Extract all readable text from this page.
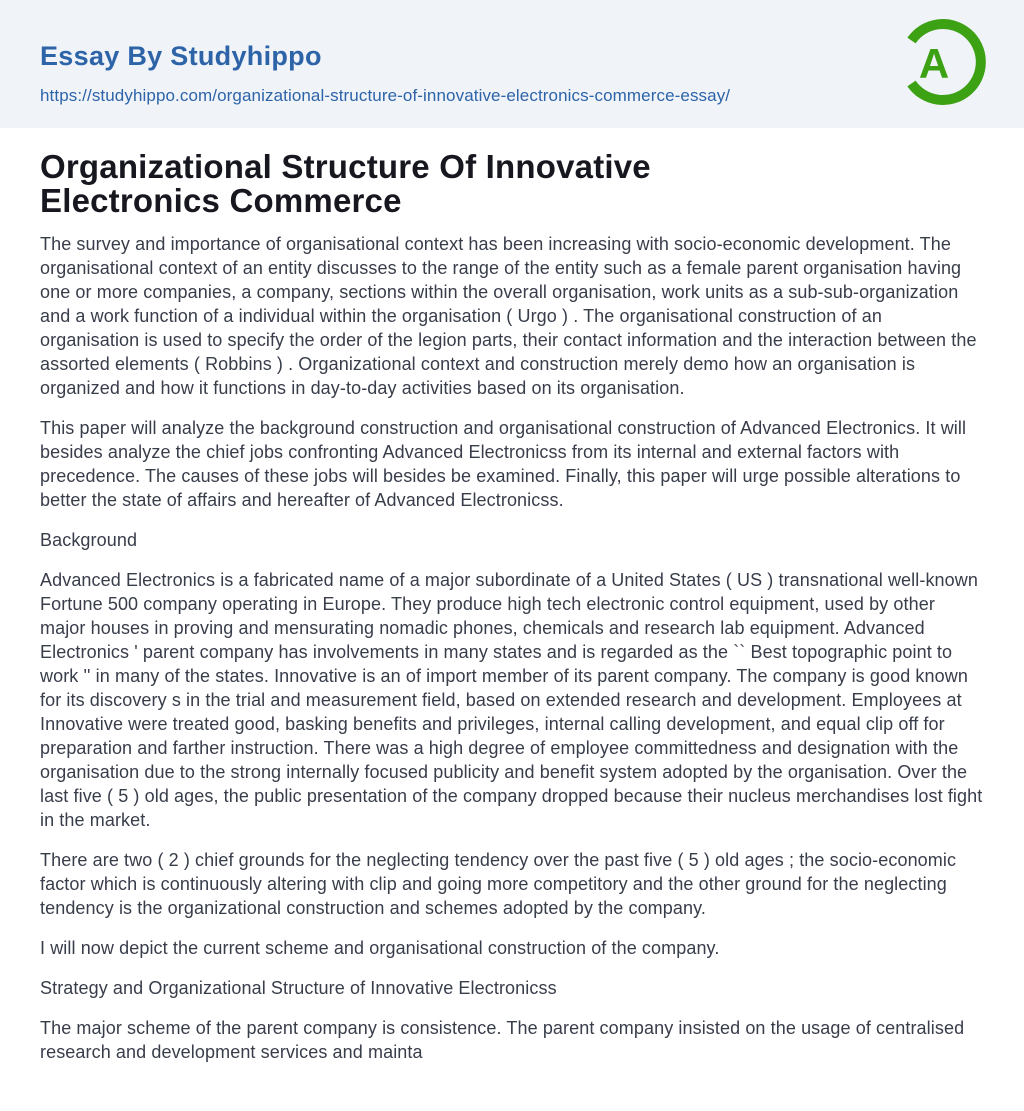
Essay By Studyhippo
https://studyhippo.com/organizational-structure-of-innovative-electronics-commerce-essay/
A
Organizational Structure Of Innovative Electronics Commerce

The survey and importance of organisational context has been increasing with socio-economic development. The organisational context of an entity discusses to the range of the entity such as a female parent organisation having one or more companies, a company, sections within the overall organisation, work units as a sub-sub-organization and a work function of a individual within the organisation ( Urgo ) . The organisational construction of an organisation is used to specify the order of the legion parts, their contact information and the interaction between the assorted elements ( Robbins ) . Organizational context and construction merely demo how an organisation is organized and how it functions in day-to-day activities based on its organisation.

This paper will analyze the background construction and organisational construction of Advanced Electronics. It will besides analyze the chief jobs confronting Advanced Electronicss from its internal and external factors with precedence. The causes of these jobs will besides be examined. Finally, this paper will urge possible alterations to better the state of affairs and hereafter of Advanced Electronicss.

Background

Advanced Electronics is a fabricated name of a major subordinate of a United States ( US ) transnational well-known Fortune 500 company operating in Europe. They produce high tech electronic control equipment, used by other major houses in proving and mensurating nomadic phones, chemicals and research lab equipment. Advanced Electronics ' parent company has involvements in many states and is regarded as the `` Best topographic point to work '' in many of the states. Innovative is an of import member of its parent company. The company is good known for its discovery s in the trial and measurement field, based on extended research and development. Employees at Innovative were treated good, basking benefits and privileges, internal calling development, and equal clip off for preparation and farther instruction. There was a high degree of employee committedness and designation with the organisation due to the strong internally focused publicity and benefit system adopted by the organisation. Over the last five ( 5 ) old ages, the public presentation of the company dropped because their nucleus merchandises lost fight in the market.

There are two ( 2 ) chief grounds for the neglecting tendency over the past five ( 5 ) old ages ; the socio-economic factor which is continuously altering with clip and going more competitory and the other ground for the neglecting tendency is the organizational construction and schemes adopted by the company.

I will now depict the current scheme and organisational construction of the company.

Strategy and Organizational Structure of Innovative Electronicss

The major scheme of the parent company is consistence. The parent company insisted on the usage of centralised research and development services and mainta
